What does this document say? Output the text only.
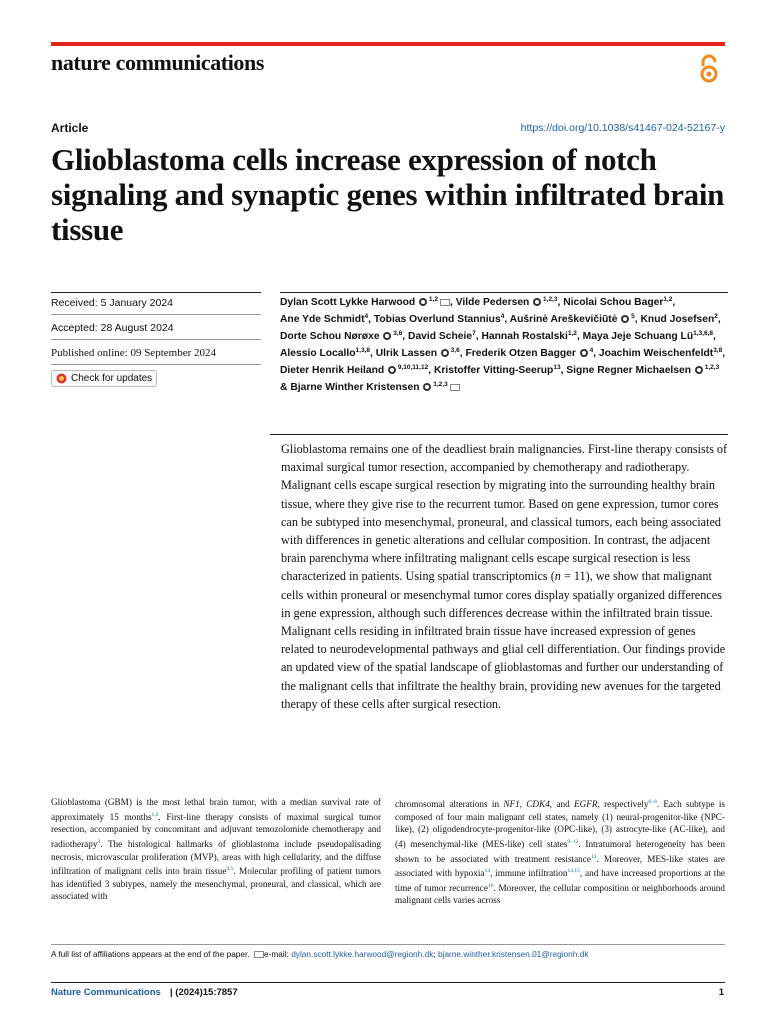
nature communications
Article	https://doi.org/10.1038/s41467-024-52167-y
Glioblastoma cells increase expression of notch signaling and synaptic genes within infiltrated brain tissue
Received: 5 January 2024
Accepted: 28 August 2024
Published online: 09 September 2024
Check for updates
Dylan Scott Lykke Harwood  $^{1,2}$ , Vilde Pedersen  $^{1,2,3}$, Nicolai Schou Bager$^{1,2}$, Ane Yde Schmidt$^4$, Tobias Overlund Stannius$^4$, Aušrinė Areškevičiūtė  $^5$, Knud Josefsen$^2$, Dorte Schou Nørøxe  $^{3,6}$, David Scheie$^7$, Hannah Rostalski$^{1,2}$, Maya Jeje Schuang Lü$^{1,3,6,8}$, Alessio Locallo$^{1,3,8}$, Ulrik Lassen  $^{3,6}$, Frederik Otzen Bagger  $^4$, Joachim Weischenfeldt$^{3,8}$, Dieter Henrik Heiland  $^{9,10,11,12}$, Kristoffer Vitting-Seerup$^{13}$, Signe Regner Michaelsen  $^{1,2,3}$ & Bjarne Winther Kristensen  $^{1,2,3}$

Glioblastoma remains one of the deadliest brain malignancies. First-line therapy consists of maximal surgical tumor resection, accompanied by chemotherapy and radiotherapy. Malignant cells escape surgical resection by migrating into the surrounding healthy brain tissue, where they give rise to the recurrent tumor. Based on gene expression, tumor cores can be subtyped into mesenchymal, proneural, and classical tumors, each being associated with differences in genetic alterations and cellular composition. In contrast, the adjacent brain parenchyma where infiltrating malignant cells escape surgical resection is less characterized in patients. Using spatial transcriptomics (n = 11), we show that malignant cells within proneural or mesenchymal tumor cores display spatially organized differences in gene expression, although such differences decrease within the infiltrated brain tissue. Malignant cells residing in infiltrated brain tissue have increased expression of genes related to neurodevelopmental pathways and glial cell differentiation. Our findings provide an updated view of the spatial landscape of glioblastomas and further our understanding of the malignant cells that infiltrate the healthy brain, providing new avenues for the targeted therapy of these cells after surgical resection.

Glioblastoma (GBM) is the most lethal brain tumor, with a median survival rate of approximately 15 months$^{1,2}$. First-line therapy consists of maximal surgical tumor resection, accompanied by concomitant and adjuvant temozolomide chemotherapy and radiotherapy$^3$. The histological hallmarks of glioblastoma include pseudopalisading necrosis, microvascular proliferation (MVP), areas with high cellularity, and the diffuse infiltration of malignant cells into brain tissue$^{4,5}$. Molecular profiling of patient tumors has identified 3 subtypes, namely the mesenchymal, proneural, and classical, which are associated with

chromosomal alterations in NF1, CDK4, and EGFR, respectively$^{6-8}$. Each subtype is composed of four main malignant cell states, namely (1) neural-progenitor-like (NPC-like), (2) oligodendrocyte-progenitor-like (OPC-like), (3) astrocyte-like (AC-like), and (4) mesenchymal-like (MES-like) cell states$^{9-12}$. Intratumoral heterogeneity has been shown to be associated with treatment resistance$^{13}$. Moreover, MES-like states are associated with hypoxia$^{14}$, immune infiltration$^{14,15}$, and have increased proportions at the time of tumor recurrence$^{16}$. Moreover, the cellular composition or neighborhoods around malignant cells varies across

A full list of affiliations appears at the end of the paper. e-mail: dylan.scott.lykke.harwood@regionh.dk; bjarne.winther.kristensen.01@regionh.dk
Nature Communications | (2024)15:7857	1
